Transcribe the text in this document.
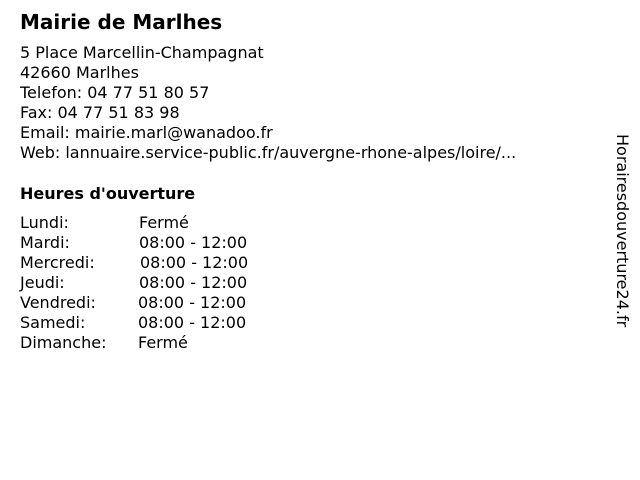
Mairie de Marlhes
5 Place Marcellin-Champagnat
42660 Marlhes
Telefon: 04 77 51 80 57
Fax: 04 77 51 83 98
Email: mairie.marl@wanadoo.fr
Web: lannuaire.service-public.fr/auvergne-rhone-alpes/loire/...
Heures d'ouverture
Lundi:	Fermé
Mardi:	08:00 - 12:00
Mercredi:	08:00 - 12:00
Jeudi:	08:00 - 12:00
Vendredi:	08:00 - 12:00
Samedi:	08:00 - 12:00
Dimanche: Fermé
Horairesdouverture24.fr
